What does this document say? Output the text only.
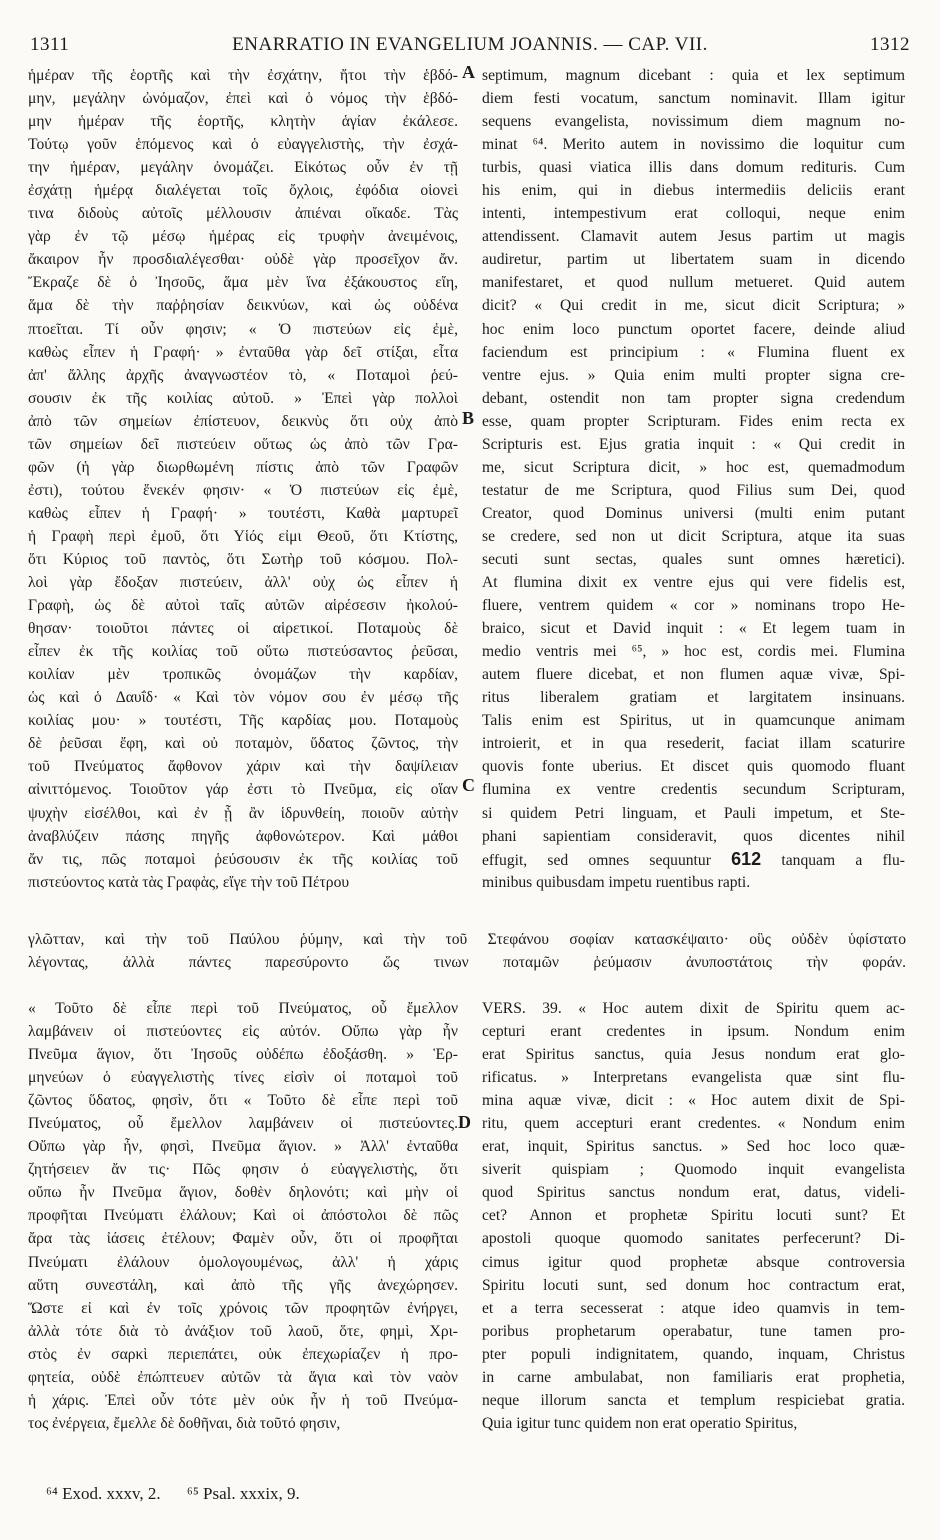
1311	ENARRATIO IN EVANGELIUM JOANNIS. — CAP. VII.	1312
ἡμέραν τῆς ἑορτῆς καὶ τὴν ἐσχάτην, ἤτοι τὴν ἑβδό-
μην, μεγάλην ὠνόμαζον, ἐπεὶ καὶ ὁ νόμος τὴν ἑβδό-
μην ἡμέραν τῆς ἑορτῆς, κλητὴν ἁγίαν ἐκάλεσε.
Τούτῳ γοῦν ἑπόμενος καὶ ὁ εὐαγγελιστὴς, τὴν ἐσχά-
την ἡμέραν, μεγάλην ὀνομάζει. Εἰκότως οὖν ἐν τῇ
ἐσχάτῃ ἡμέρᾳ διαλέγεται τοῖς ὄχλοις, ἐφόδια οἱονεὶ
τινα διδοὺς αὐτοῖς μέλλουσιν ἀπιέναι οἴκαδε. Τὰς
γὰρ ἐν τῷ μέσῳ ἡμέρας εἰς τρυφὴν ἀνειμένοις,
ἄκαιρον ἦν προσδιαλέγεσθαι· οὐδὲ γὰρ προσεῖχον ἄν.
Ἔκραζε δὲ ὁ Ἰησοῦς, ἅμα μὲν ἵνα ἐξάκουστος εἴη,
ἅμα δὲ τὴν παῤῥησίαν δεικνύων, καὶ ὡς οὐδένα
πτοεῖται. Τί οὖν φησιν; « Ὁ πιστεύων εἰς ἐμὲ,
καθὼς εἶπεν ἡ Γραφή· » ἐνταῦθα γὰρ δεῖ στίξαι, εἶτα
ἀπ' ἄλλης ἀρχῆς ἀναγνωστέον τὸ, « Ποταμοὶ ῥεύ-
σουσιν ἐκ τῆς κοιλίας αὐτοῦ. » Ἐπεὶ γὰρ πολλοὶ
ἀπὸ τῶν σημείων ἐπίστευον, δεικνὺς ὅτι οὐχ ἀπὸ
τῶν σημείων δεῖ πιστεύειν οὕτως ὡς ἀπὸ τῶν Γρα-
φῶν (ἡ γὰρ διωρθωμένη πίστις ἀπὸ τῶν Γραφῶν
ἐστι), τούτου ἕνεκέν φησιν· « Ὁ πιστεύων εἰς ἐμὲ,
καθὼς εἶπεν ἡ Γραφή· » τουτέστι, Καθὰ μαρτυρεῖ
ἡ Γραφὴ περὶ ἐμοῦ, ὅτι Υἱός εἰμι Θεοῦ, ὅτι Κτίστης,
ὅτι Κύριος τοῦ παντὸς, ὅτι Σωτὴρ τοῦ κόσμου. Πολ-
λοὶ γὰρ ἔδοξαν πιστεύειν, ἀλλ' οὐχ ὡς εἶπεν ἡ
Γραφὴ, ὡς δὲ αὐτοὶ ταῖς αὐτῶν αἱρέσεσιν ἠκολού-
θησαν· τοιοῦτοι πάντες οἱ αἱρετικοί. Ποταμοὺς δὲ
εἶπεν ἐκ τῆς κοιλίας τοῦ οὕτω πιστεύσαντος ῥεῦσαι,
κοιλίαν μὲν τροπικῶς ὀνομάζων τὴν καρδίαν,
ὡς καὶ ὁ Δαυΐδ· « Καὶ τὸν νόμον σου ἐν μέσῳ τῆς
κοιλίας μου· » τουτέστι, Τῆς καρδίας μου. Ποταμοὺς
δὲ ῥεῦσαι ἔφη, καὶ οὐ ποταμὸν, ὕδατος ζῶντος, τὴν
τοῦ Πνεύματος ἄφθονον χάριν καὶ τὴν δαψίλειαν
αἰνιττόμενος. Τοιοῦτον γάρ ἐστι τὸ Πνεῦμα, εἰς οἵαν
ψυχὴν εἰσέλθοι, καὶ ἐν ᾗ ἂν ἱδρυνθείη, ποιοῦν αὐτὴν
ἀναβλύζειν πάσης πηγῆς ἀφθονώτερον. Καὶ μάθοι
ἄν τις, πῶς ποταμοὶ ῥεύσουσιν ἐκ τῆς κοιλίας τοῦ
πιστεύοντος κατὰ τὰς Γραφὰς, εἴγε τὴν τοῦ Πέτρου
septimum, magnum dicebant : quia et lex septimum
diem festi vocatum, sanctum nominavit. Illam igitur
sequens evangelista, novissimum diem magnum no-
minat ⁶⁴. Merito autem in novissimo die loquitur cum
turbis, quasi viatica illis dans domum redituris. Cum
his enim, qui in diebus intermediis deliciis erant
intenti, intempestivum erat colloqui, neque enim
attendissent. Clamavit autem Jesus partim ut magis
audiretur, partim ut libertatem suam in dicendo
manifestaret, et quod nullum metueret. Quid autem
dicit? « Qui credit in me, sicut dicit Scriptura; »
hoc enim loco punctum oportet facere, deinde aliud
faciendum est principium : « Flumina fluent ex
ventre ejus. » Quia enim multi propter signa cre-
debant, ostendit non tam propter signa credendum
esse, quam propter Scripturam. Fides enim recta ex
Scripturis est. Ejus gratia inquit : « Qui credit in
me, sicut Scriptura dicit, » hoc est, quemadmodum
testatur de me Scriptura, quod Filius sum Dei, quod
Creator, quod Dominus universi (multi enim putant
se credere, sed non ut dicit Scriptura, atque ita suas
secuti sunt sectas, quales sunt omnes hæretici).
At flumina dixit ex ventre ejus qui vere fidelis est,
fluere, ventrem quidem « cor » nominans tropo He-
braico, sicut et David inquit : « Et legem tuam in
medio ventris mei ⁶⁵, » hoc est, cordis mei. Flumina
autem fluere dicebat, et non flumen aquæ vivæ, Spi-
ritus liberalem gratiam et largitatem insinuans.
Talis enim est Spiritus, ut in quamcunque animam
introierit, et in qua resederit, faciat illam scaturire
quovis fonte uberius. Et discet quis quomodo fluant
flumina ex ventre credentis secundum Scripturam,
si quidem Petri linguam, et Pauli impetum, et Ste-
phani sapientiam consideravit, quos dicentes nihil
effugit, sed omnes sequuntur 612 tanquam a flu-
minibus quibusdam impetu ruentibus rapti.
A
B
C
D
γλῶτταν, καὶ τὴν τοῦ Παύλου ῥύμην, καὶ τὴν τοῦ Στεφάνου σοφίαν κατασκέψαιτο· οὓς οὐδὲν ὑφίστατο
λέγοντας, ἀλλὰ πάντες παρεσύροντο ὥς τινων ποταμῶν ῥεύμασιν ἀνυποστάτοις τὴν φοράν.
« Τοῦτο δὲ εἶπε περὶ τοῦ Πνεύματος, οὗ ἔμελλον
λαμβάνειν οἱ πιστεύοντες εἰς αὐτόν. Οὔπω γὰρ ἦν
Πνεῦμα ἅγιον, ὅτι Ἰησοῦς οὐδέπω ἐδοξάσθη. » Ἑρ-
μηνεύων ὁ εὐαγγελιστὴς τίνες εἰσὶν οἱ ποταμοὶ τοῦ
ζῶντος ὕδατος, φησὶν, ὅτι « Τοῦτο δὲ εἶπε περὶ τοῦ
Πνεύματος, οὗ ἔμελλον λαμβάνειν οἱ πιστεύοντες.
Οὔπω γὰρ ἦν, φησὶ, Πνεῦμα ἅγιον. » Ἀλλ' ἐνταῦθα
ζητήσειεν ἄν τις· Πῶς φησιν ὁ εὐαγγελιστὴς, ὅτι
οὔπω ἦν Πνεῦμα ἅγιον, δοθὲν δηλονότι; καὶ μὴν οἱ
προφῆται Πνεύματι ἐλάλουν; Καὶ οἱ ἀπόστολοι δὲ πῶς
ἄρα τὰς ἰάσεις ἐτέλουν; Φαμὲν οὖν, ὅτι οἱ προφῆται
Πνεύματι ἐλάλουν ὁμολογουμένως, ἀλλ' ἡ χάρις
αὕτη συνεστάλη, καὶ ἀπὸ τῆς γῆς ἀνεχώρησεν.
Ὥστε εἰ καὶ ἐν τοῖς χρόνοις τῶν προφητῶν ἐνήργει,
ἀλλὰ τότε διὰ τὸ ἀνάξιον τοῦ λαοῦ, ὅτε, φημὶ, Χρι-
στὸς ἐν σαρκὶ περιεπάτει, οὐκ ἐπεχωρίαζεν ἡ προ-
φητεία, οὐδὲ ἐπώπτευεν αὐτῶν τὰ ἅγια καὶ τὸν ναὸν
ἡ χάρις. Ἐπεὶ οὖν τότε μὲν οὐκ ἦν ἡ τοῦ Πνεύμα-
τος ἐνέργεια, ἔμελλε δὲ δοθῆναι, διὰ τοῦτό φησιν,
VERS. 39. « Hoc autem dixit de Spiritu quem ac-
cepturi erant credentes in ipsum. Nondum enim
erat Spiritus sanctus, quia Jesus nondum erat glo-
rificatus. » Interpretans evangelista quæ sint flu-
mina aquæ vivæ, dicit : « Hoc autem dixit de Spi-
ritu, quem accepturi erant credentes. « Nondum enim
erat, inquit, Spiritus sanctus. » Sed hoc loco quæ-
siverit quispiam ; Quomodo inquit evangelista
quod Spiritus sanctus nondum erat, datus, videli-
cet? Annon et prophetæ Spiritu locuti sunt? Et
apostoli quoque quomodo sanitates perfecerunt? Di-
cimus igitur quod prophetæ absque controversia
Spiritu locuti sunt, sed donum hoc contractum erat,
et a terra secesserat : atque ideo quamvis in tem-
poribus prophetarum operabatur, tune tamen pro-
pter populi indignitatem, quando, inquam, Christus
in carne ambulabat, non familiaris erat prophetia,
neque illorum sancta et templum respiciebat gratia.
Quia igitur tunc quidem non erat operatio Spiritus,
⁶⁴ Exod. xxxv, 2. ⁶⁵ Psal. xxxix, 9.
